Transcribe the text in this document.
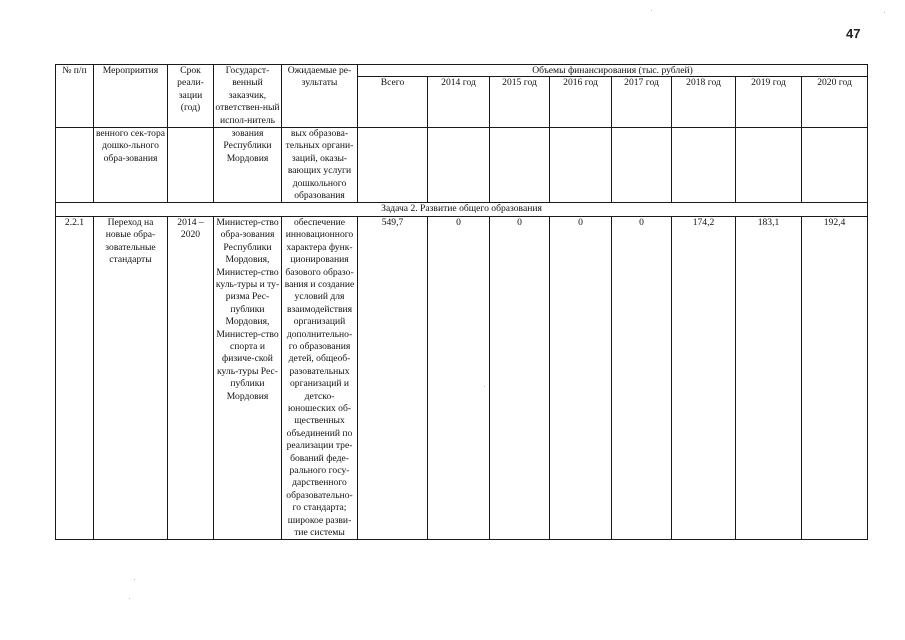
47
№ п/п	Мероприятия	Срок реали-зации (год)	Государст-венный заказчик, ответствен-ный испол-нитель	Ожидаемые ре-зультаты	Объемы финансирования (тыс. рублей)							
					Всего	2014 год	2015 год	2016 год	2017 год	2018 год	2019 год	2020 год
	венного сек-тора дошко-льного обра-зования		зования Республики Мордовия	вых образова-тельных органи-заций, оказы-вающих услуги дошкольного образования								
Задача 2. Развитие общего образования												
2.2.1	Переход на новые обра-зовательные стандарты	2014 – 2020	Министер-ство обра-зования Республики Мордовия, Министер-ство куль-туры и ту-ризма Рес-публики Мордовия, Министер-ство спорта и физиче-ской куль-туры Рес-публики Мордовия	обеспечение инновационного характера функ-ционирования базового образо-вания и создание условий для взаимодействия организаций дополнительно-го образования детей, общеоб-разовательных организаций и детско-юношеских об-щественных объединений по реализации тре-бований феде-рального госу-дарственного образовательно-го стандарта; широкое разви-тие системы	549,7	0	0	0	0	174,2	183,1	192,4
